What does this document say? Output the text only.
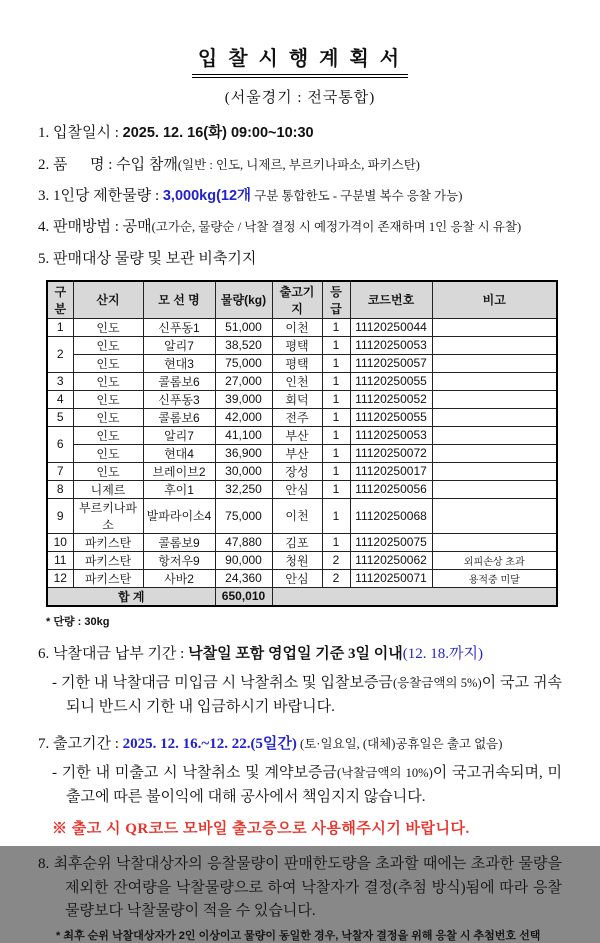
입 찰 시 행 계 획 서
(서울경기 : 전국통합)
1. 입찰일시 : 2025. 12. 16(화) 09:00~10:30
2. 품      명 : 수입 참깨(일반 : 인도, 니제르, 부르키나파소, 파키스탄)
3. 1인당 제한물량 : 3,000kg(12개 구분 통합한도 - 구분별 복수 응찰 가능)
4. 판매방법 : 공매(고가순, 물량순 / 낙찰 결정 시 예정가격이 존재하며 1인 응찰 시 유찰)
5. 판매대상 물량 및 보관 비축기지
구분	산지	모 선 명	물량(kg)	출고기지	등급	코드번호	비고
1	인도	신푸동1	51,000	이천	1	11120250044	
2	인도	알리7	38,520	평택	1	11120250053	
	인도	현대3	75,000	평택	1	11120250057	
3	인도	콜롬보6	27,000	인천	1	11120250055	
4	인도	신푸동3	39,000	회덕	1	11120250052	
5	인도	콜롬보6	42,000	전주	1	11120250055	
6	인도	알리7	41,100	부산	1	11120250053	
	인도	현대4	36,900	부산	1	11120250072	
7	인도	브레이브2	30,000	장성	1	11120250017	
8	니제르	후이1	32,250	안심	1	11120250056	
9	부르키나파소	발파라이소4	75,000	이천	1	11120250068	
10	파키스탄	콜롬보9	47,880	김포	1	11120250075	
11	파키스탄	항저우9	90,000	청원	2	11120250062	외피손상 초과
12	파키스탄	사바2	24,360	안심	2	11120250071	용적중 미달
합 계			650,010				
* 단량 : 30kg
6. 낙찰대금 납부 기간 : 낙찰일 포함 영업일 기준 3일 이내(12. 18.까지)
- 기한 내 낙찰대금 미입금 시 낙찰취소 및 입찰보증금(응찰금액의 5%)이 국고 귀속되니 반드시 기한 내 입금하시기 바랍니다.
7. 출고기간 : 2025. 12. 16.~12. 22.(5일간) (토·일요일, (대체)공휴일은 출고 없음)
- 기한 내 미출고 시 낙찰취소 및 계약보증금(낙찰금액의 10%)이 국고귀속되며, 미출고에 따른 불이익에 대해 공사에서 책임지지 않습니다.
※ 출고 시 QR코드 모바일 출고증으로 사용해주시기 바랍니다.
8. 최후순위 낙찰대상자의 응찰물량이 판매한도량을 초과할 때에는 초과한 물량을 제외한 잔여량을 낙찰물량으로 하여 낙찰자가 결정(추첨 방식)됨에 따라 응찰물량보다 낙찰물량이 적을 수 있습니다.
* 최후 순위 낙찰대상자가 2인 이상이고 물량이 동일한 경우, 낙찰자 결정을 위해 응찰 시 추첨번호 선택
